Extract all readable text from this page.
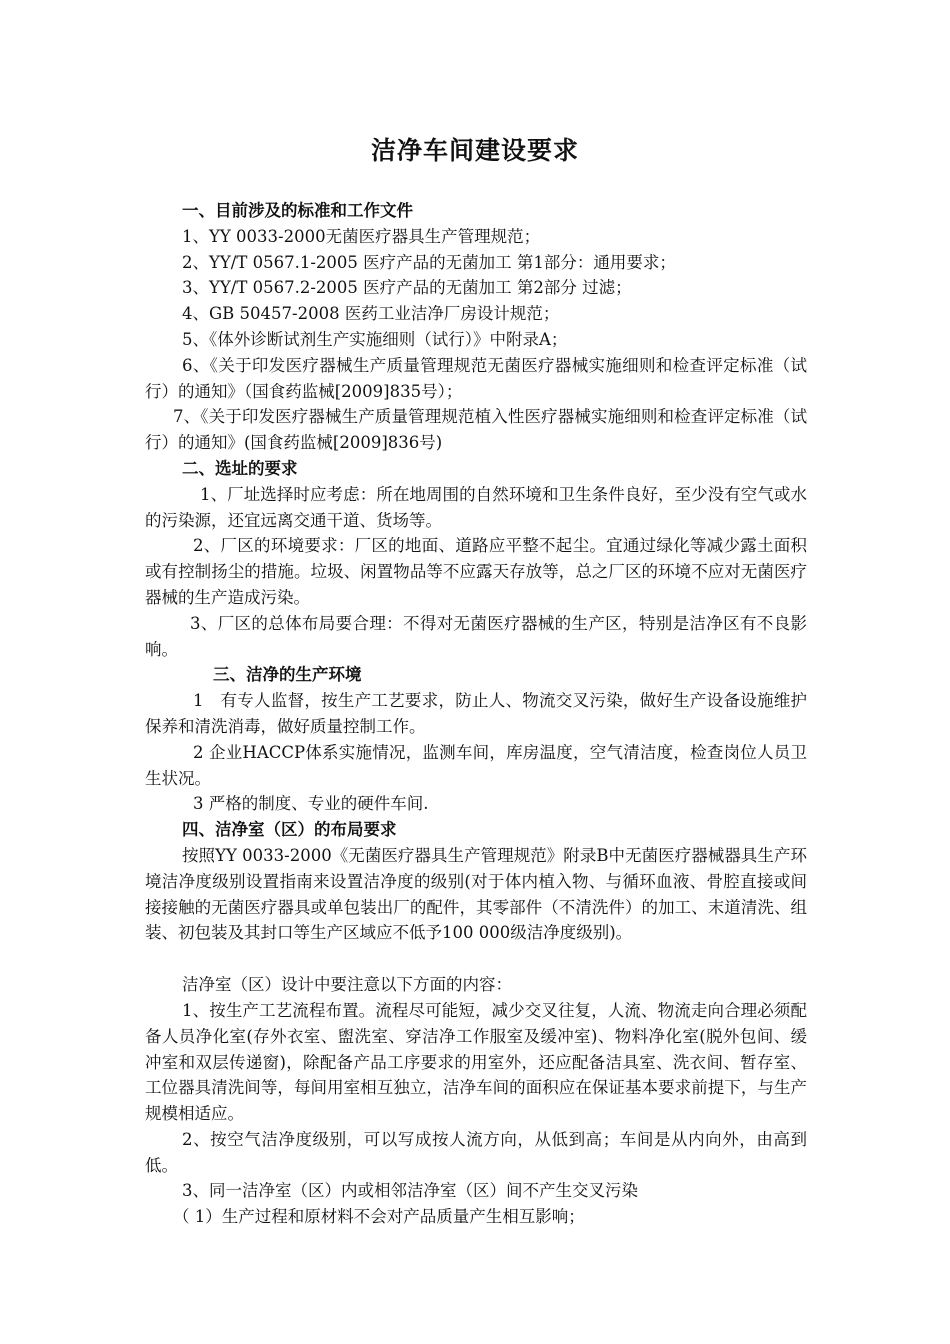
洁净车间建设要求

一、目前涉及的标准和工作文件

1、YY 0033-2000无菌医疗器具生产管理规范；

2、YY/T 0567.1-2005 医疗产品的无菌加工 第1部分：通用要求；

3、YY/T 0567.2-2005 医疗产品的无菌加工 第2部分 过滤；

4、GB 50457-2008 医药工业洁净厂房设计规范；

5、《体外诊断试剂生产实施细则（试行）》中附录A；

6、《关于印发医疗器械生产质量管理规范无菌医疗器械实施细则和检查评定标准（试行）的通知》（国食药监械[2009]835号）；

7、《关于印发医疗器械生产质量管理规范植入性医疗器械实施细则和检查评定标准（试行）的通知》(国食药监械[2009]836号)

二、选址的要求

1、厂址选择时应考虑：所在地周围的自然环境和卫生条件良好，至少没有空气或水的污染源，还宜远离交通干道、货场等。

2、厂区的环境要求：厂区的地面、道路应平整不起尘。宜通过绿化等减少露土面积或有控制扬尘的措施。垃圾、闲置物品等不应露天存放等，总之厂区的环境不应对无菌医疗器械的生产造成污染。

3、厂区的总体布局要合理：不得对无菌医疗器械的生产区，特别是洁净区有不良影响。

三、洁净的生产环境

1　有专人监督，按生产工艺要求，防止人、物流交叉污染，做好生产设备设施维护保养和清洗消毒，做好质量控制工作。

2 企业HACCP体系实施情况，监测车间，库房温度，空气清洁度，检查岗位人员卫生状况。

3 严格的制度、专业的硬件车间.

四、洁净室（区）的布局要求

按照YY 0033-2000《无菌医疗器具生产管理规范》附录B中无菌医疗器械器具生产环境洁净度级别设置指南来设置洁净度的级别(对于体内植入物、与循环血液、骨腔直接或间接接触的无菌医疗器具或单包装出厂的配件，其零部件（不清洗件）的加工、末道清洗、组装、初包装及其封口等生产区域应不低予100 000级洁净度级别)。

洁净室（区）设计中要注意以下方面的内容：

1、按生产工艺流程布置。流程尽可能短，减少交叉往复，人流、物流走向合理必须配备人员净化室(存外衣室、盥洗室、穿洁净工作服室及缓冲室)、物料净化室(脱外包间、缓冲室和双层传递窗)，除配备产品工序要求的用室外，还应配备洁具室、洗衣间、暂存室、工位器具清洗间等，每间用室相互独立，洁净车间的面积应在保证基本要求前提下，与生产规模相适应。

2、按空气洁净度级别，可以写成按人流方向，从低到高；车间是从内向外，由高到低。

3、同一洁净室（区）内或相邻洁净室（区）间不产生交叉污染

（ 1）生产过程和原材料不会对产品质量产生相互影响；
